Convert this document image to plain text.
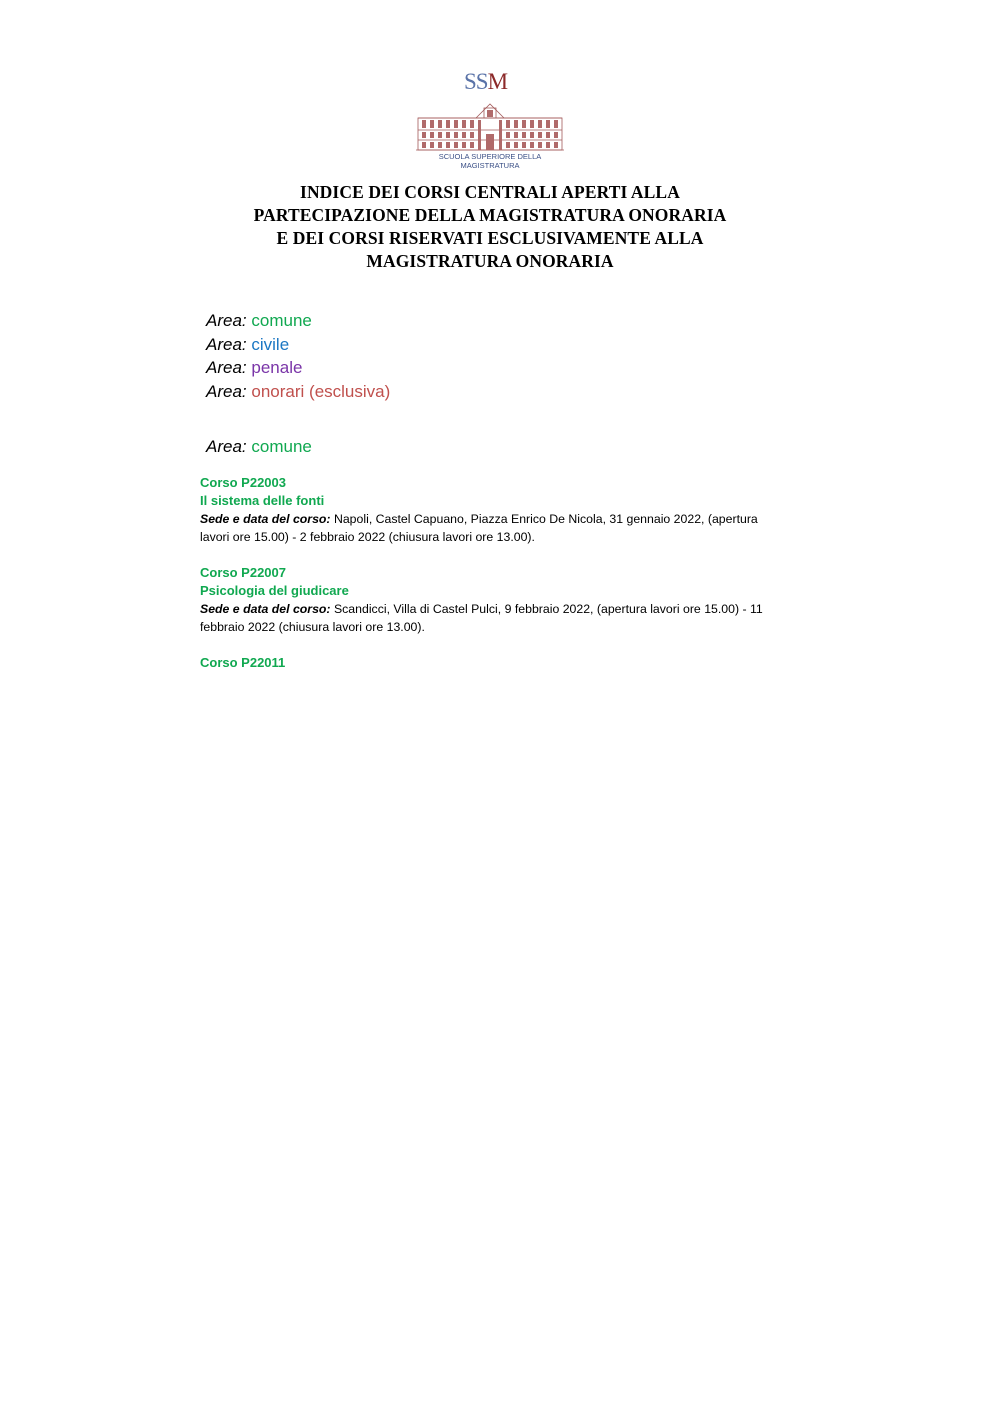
SSM
SCUOLA SUPERIORE DELLA MAGISTRATURA
INDICE DEI CORSI CENTRALI APERTI ALLA
PARTECIPAZIONE DELLA MAGISTRATURA ONORARIA
E DEI CORSI RISERVATI ESCLUSIVAMENTE ALLA
MAGISTRATURA ONORARIA
Area: comune
Area: civile
Area: penale
Area: onorari (esclusiva)
Area: comune
Corso P22003
Il sistema delle fonti
Sede e data del corso: Napoli, Castel Capuano, Piazza Enrico De Nicola, 31 gennaio 2022, (apertura lavori ore 15.00) - 2 febbraio 2022 (chiusura lavori ore 13.00).
Corso P22007
Psicologia del giudicare
Sede e data del corso: Scandicci, Villa di Castel Pulci, 9 febbraio 2022, (apertura lavori ore 15.00) - 11 febbraio 2022 (chiusura lavori ore 13.00).
Corso P22011
